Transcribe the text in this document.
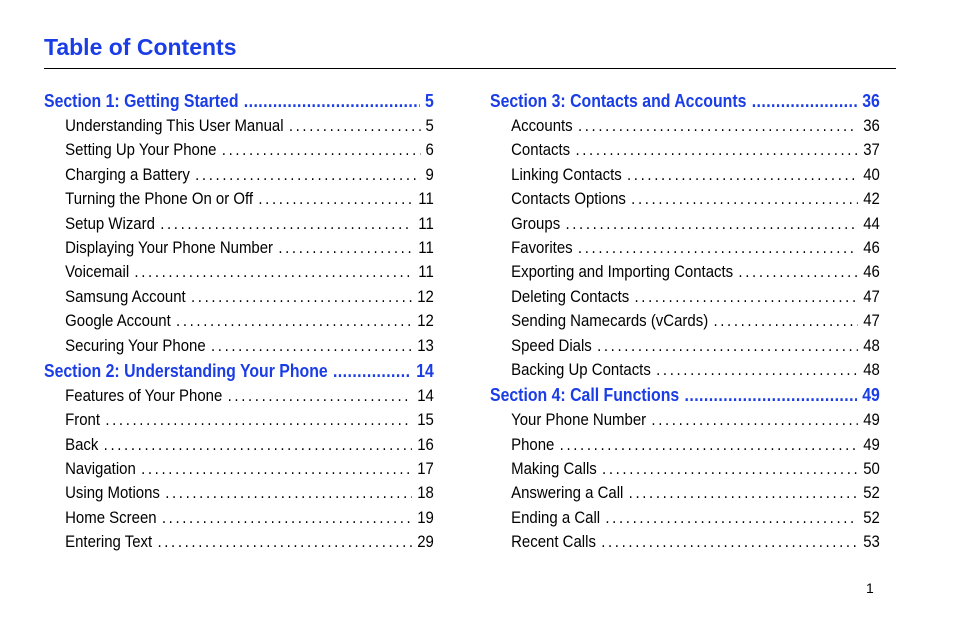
Table of Contents
Section 1: Getting Started .....	5
Understanding This User Manual .....	5
Setting Up Your Phone .....	6
Charging a Battery .....	9
Turning the Phone On or Off .....	11
Setup Wizard .....	11
Displaying Your Phone Number .....	11
Voicemail .....	11
Samsung Account .....	12
Google Account .....	12
Securing Your Phone .....	13
Section 2: Understanding Your Phone .....	14
Features of Your Phone .....	14
Front .....	15
Back .....	16
Navigation .....	17
Using Motions .....	18
Home Screen .....	19
Entering Text .....	29
Section 3: Contacts and Accounts .....	36
Accounts .....	36
Contacts .....	37
Linking Contacts .....	40
Contacts Options .....	42
Groups .....	44
Favorites .....	46
Exporting and Importing Contacts .....	46
Deleting Contacts .....	47
Sending Namecards (vCards) .....	47
Speed Dials .....	48
Backing Up Contacts .....	48
Section 4: Call Functions .....	49
Your Phone Number .....	49
Phone .....	49
Making Calls .....	50
Answering a Call .....	52
Ending a Call .....	52
Recent Calls .....	53
1
